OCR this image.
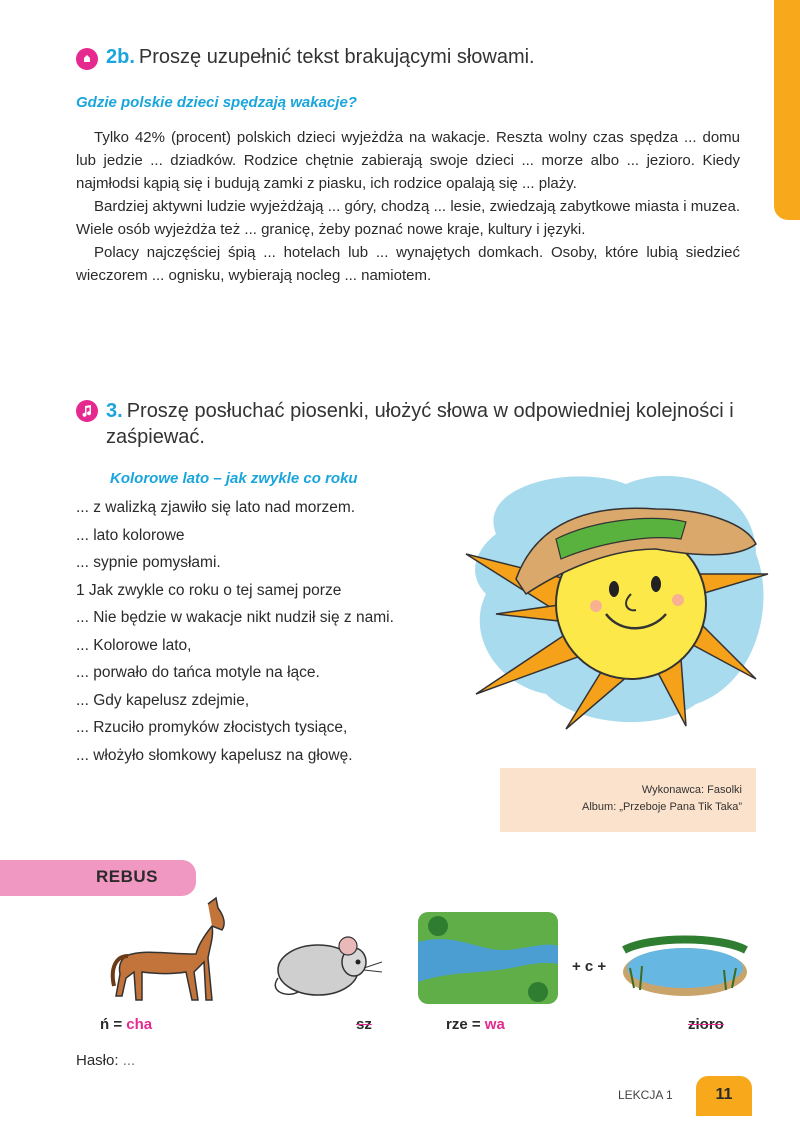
2b. Proszę uzupełnić tekst brakującymi słowami.
Gdzie polskie dzieci spędzają wakacje?

Tylko 42% (procent) polskich dzieci wyjeżdża na wakacje. Reszta wolny czas spędza ... domu lub jedzie ... dziadków. Rodzice chętnie zabierają swoje dzieci ... morze albo ... jezioro. Kiedy najmłodsi kąpią się i budują zamki z piasku, ich rodzice opalają się ... plaży.

Bardziej aktywni ludzie wyjeżdżają ... góry, chodzą ... lesie, zwiedzają zabytkowe miasta i muzea. Wiele osób wyjeżdża też ... granicę, żeby poznać nowe kraje, kultury i języki.

Polacy najczęściej śpią ... hotelach lub ... wynajętych domkach. Osoby, które lubią siedzieć wieczorem ... ognisku, wybierają nocleg ... namiotem.

3. Proszę posłuchać piosenki, ułożyć słowa w odpowiedniej kolejności i zaśpiewać.
Kolorowe lato – jak zwykle co roku
... z walizką zjawiło się lato nad morzem.
... lato kolorowe
... sypnie pomysłami.
1 Jak zwykle co roku o tej samej porze
... Nie będzie w wakacje nikt nudził się z nami.
... Kolorowe lato,
... porwało do tańca motyle na łące.
... Gdy kapelusz zdejmie,
... Rzuciło promyków złocistych tysiące,
... włożyło słomkowy kapelusz na głowę.
Wykonawca: Fasolki
Album: „Przeboje Pana Tik Taka”
REBUS
+ c +
ń = cha	sz	rze = wa	zioro
Hasło: ...
LEKCJA 1	11
